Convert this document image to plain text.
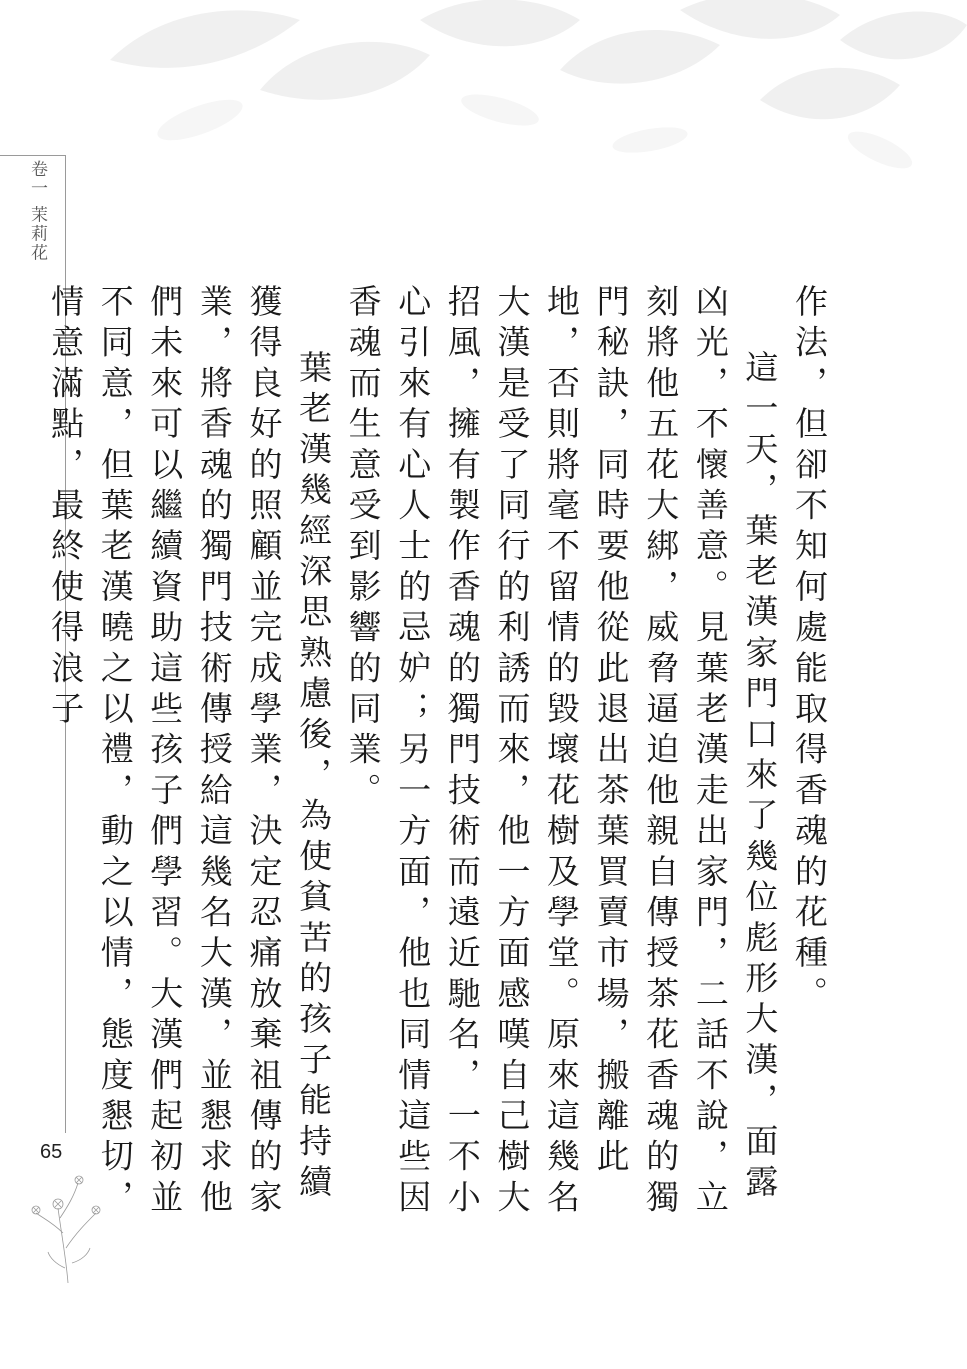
卷一 茉莉花
65

作法，但卻不知何處能取得香魂的花種。

這一天，葉老漢家門口來了幾位彪形大漢，面露凶光，不懷善意。見葉老漢走出家門，二話不說，立刻將他五花大綁，威脅逼迫他親自傳授茶花香魂的獨門秘訣，同時要他從此退出茶葉買賣市場，搬離此地，否則將毫不留情的毀壞花樹及學堂。原來這幾名大漢是受了同行的利誘而來，他一方面感嘆自己樹大招風，擁有製作香魂的獨門技術而遠近馳名，一不小心引來有心人士的忌妒；另一方面，他也同情這些因香魂而生意受到影響的同業。

葉老漢幾經深思熟慮後，為使貧苦的孩子能持續獲得良好的照顧並完成學業，決定忍痛放棄祖傳的家業，將香魂的獨門技術傳授給這幾名大漢，並懇求他們未來可以繼續資助這些孩子們學習。大漢們起初並不同意，但葉老漢曉之以禮，動之以情，態度懇切，情意滿點，最終使得浪子
